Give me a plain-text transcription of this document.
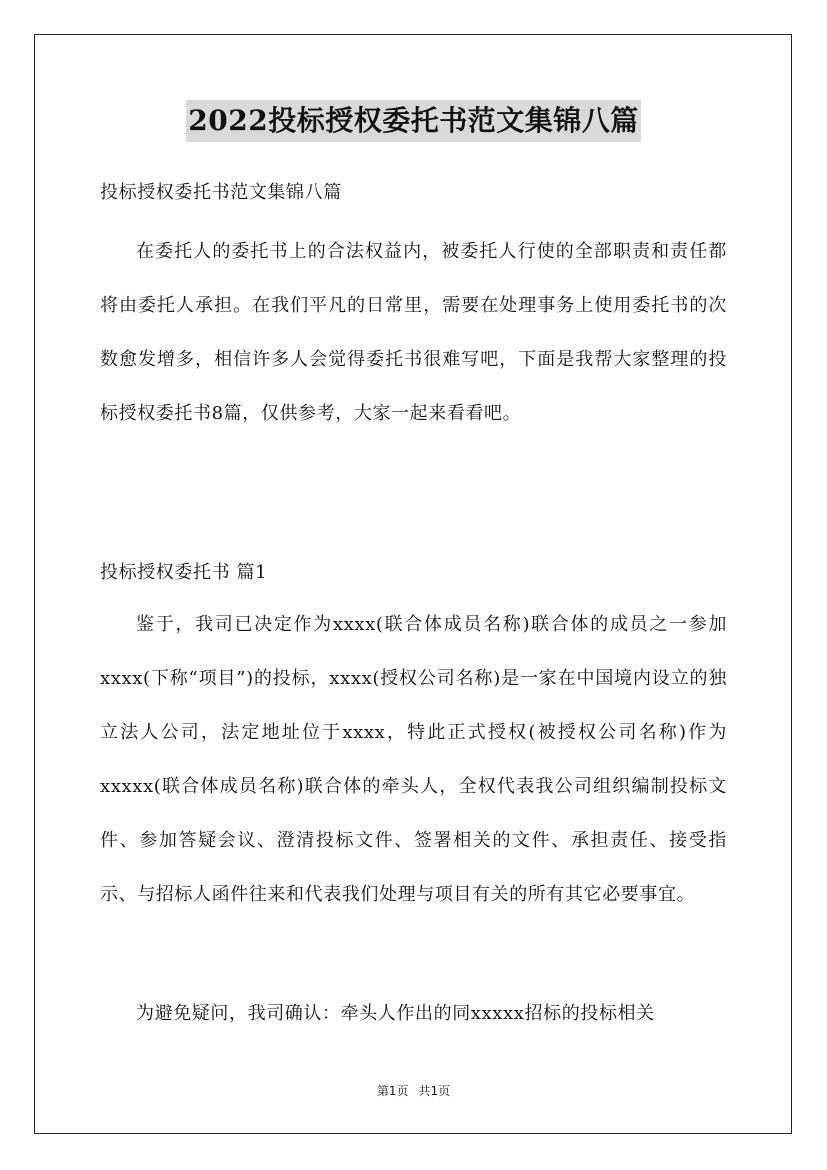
2022投标授权委托书范文集锦八篇

投标授权委托书范文集锦八篇

在委托人的委托书上的合法权益内，被委托人行使的全部职责和责任都将由委托人承担。在我们平凡的日常里，需要在处理事务上使用委托书的次数愈发增多，相信许多人会觉得委托书很难写吧，下面是我帮大家整理的投标授权委托书8篇，仅供参考，大家一起来看看吧。

投标授权委托书 篇1

鉴于，我司已决定作为xxxx(联合体成员名称)联合体的成员之一参加xxxx(下称“项目”)的投标，xxxx(授权公司名称)是一家在中国境内设立的独立法人公司，法定地址位于xxxx，特此正式授权(被授权公司名称)作为xxxxx(联合体成员名称)联合体的牵头人，全权代表我公司组织编制投标文件、参加答疑会议、澄清投标文件、签署相关的文件、承担责任、接受指示、与招标人函件往来和代表我们处理与项目有关的所有其它必要事宜。

为避免疑问，我司确认：牵头人作出的同xxxxx招标的投标相关

第1页 共1页
